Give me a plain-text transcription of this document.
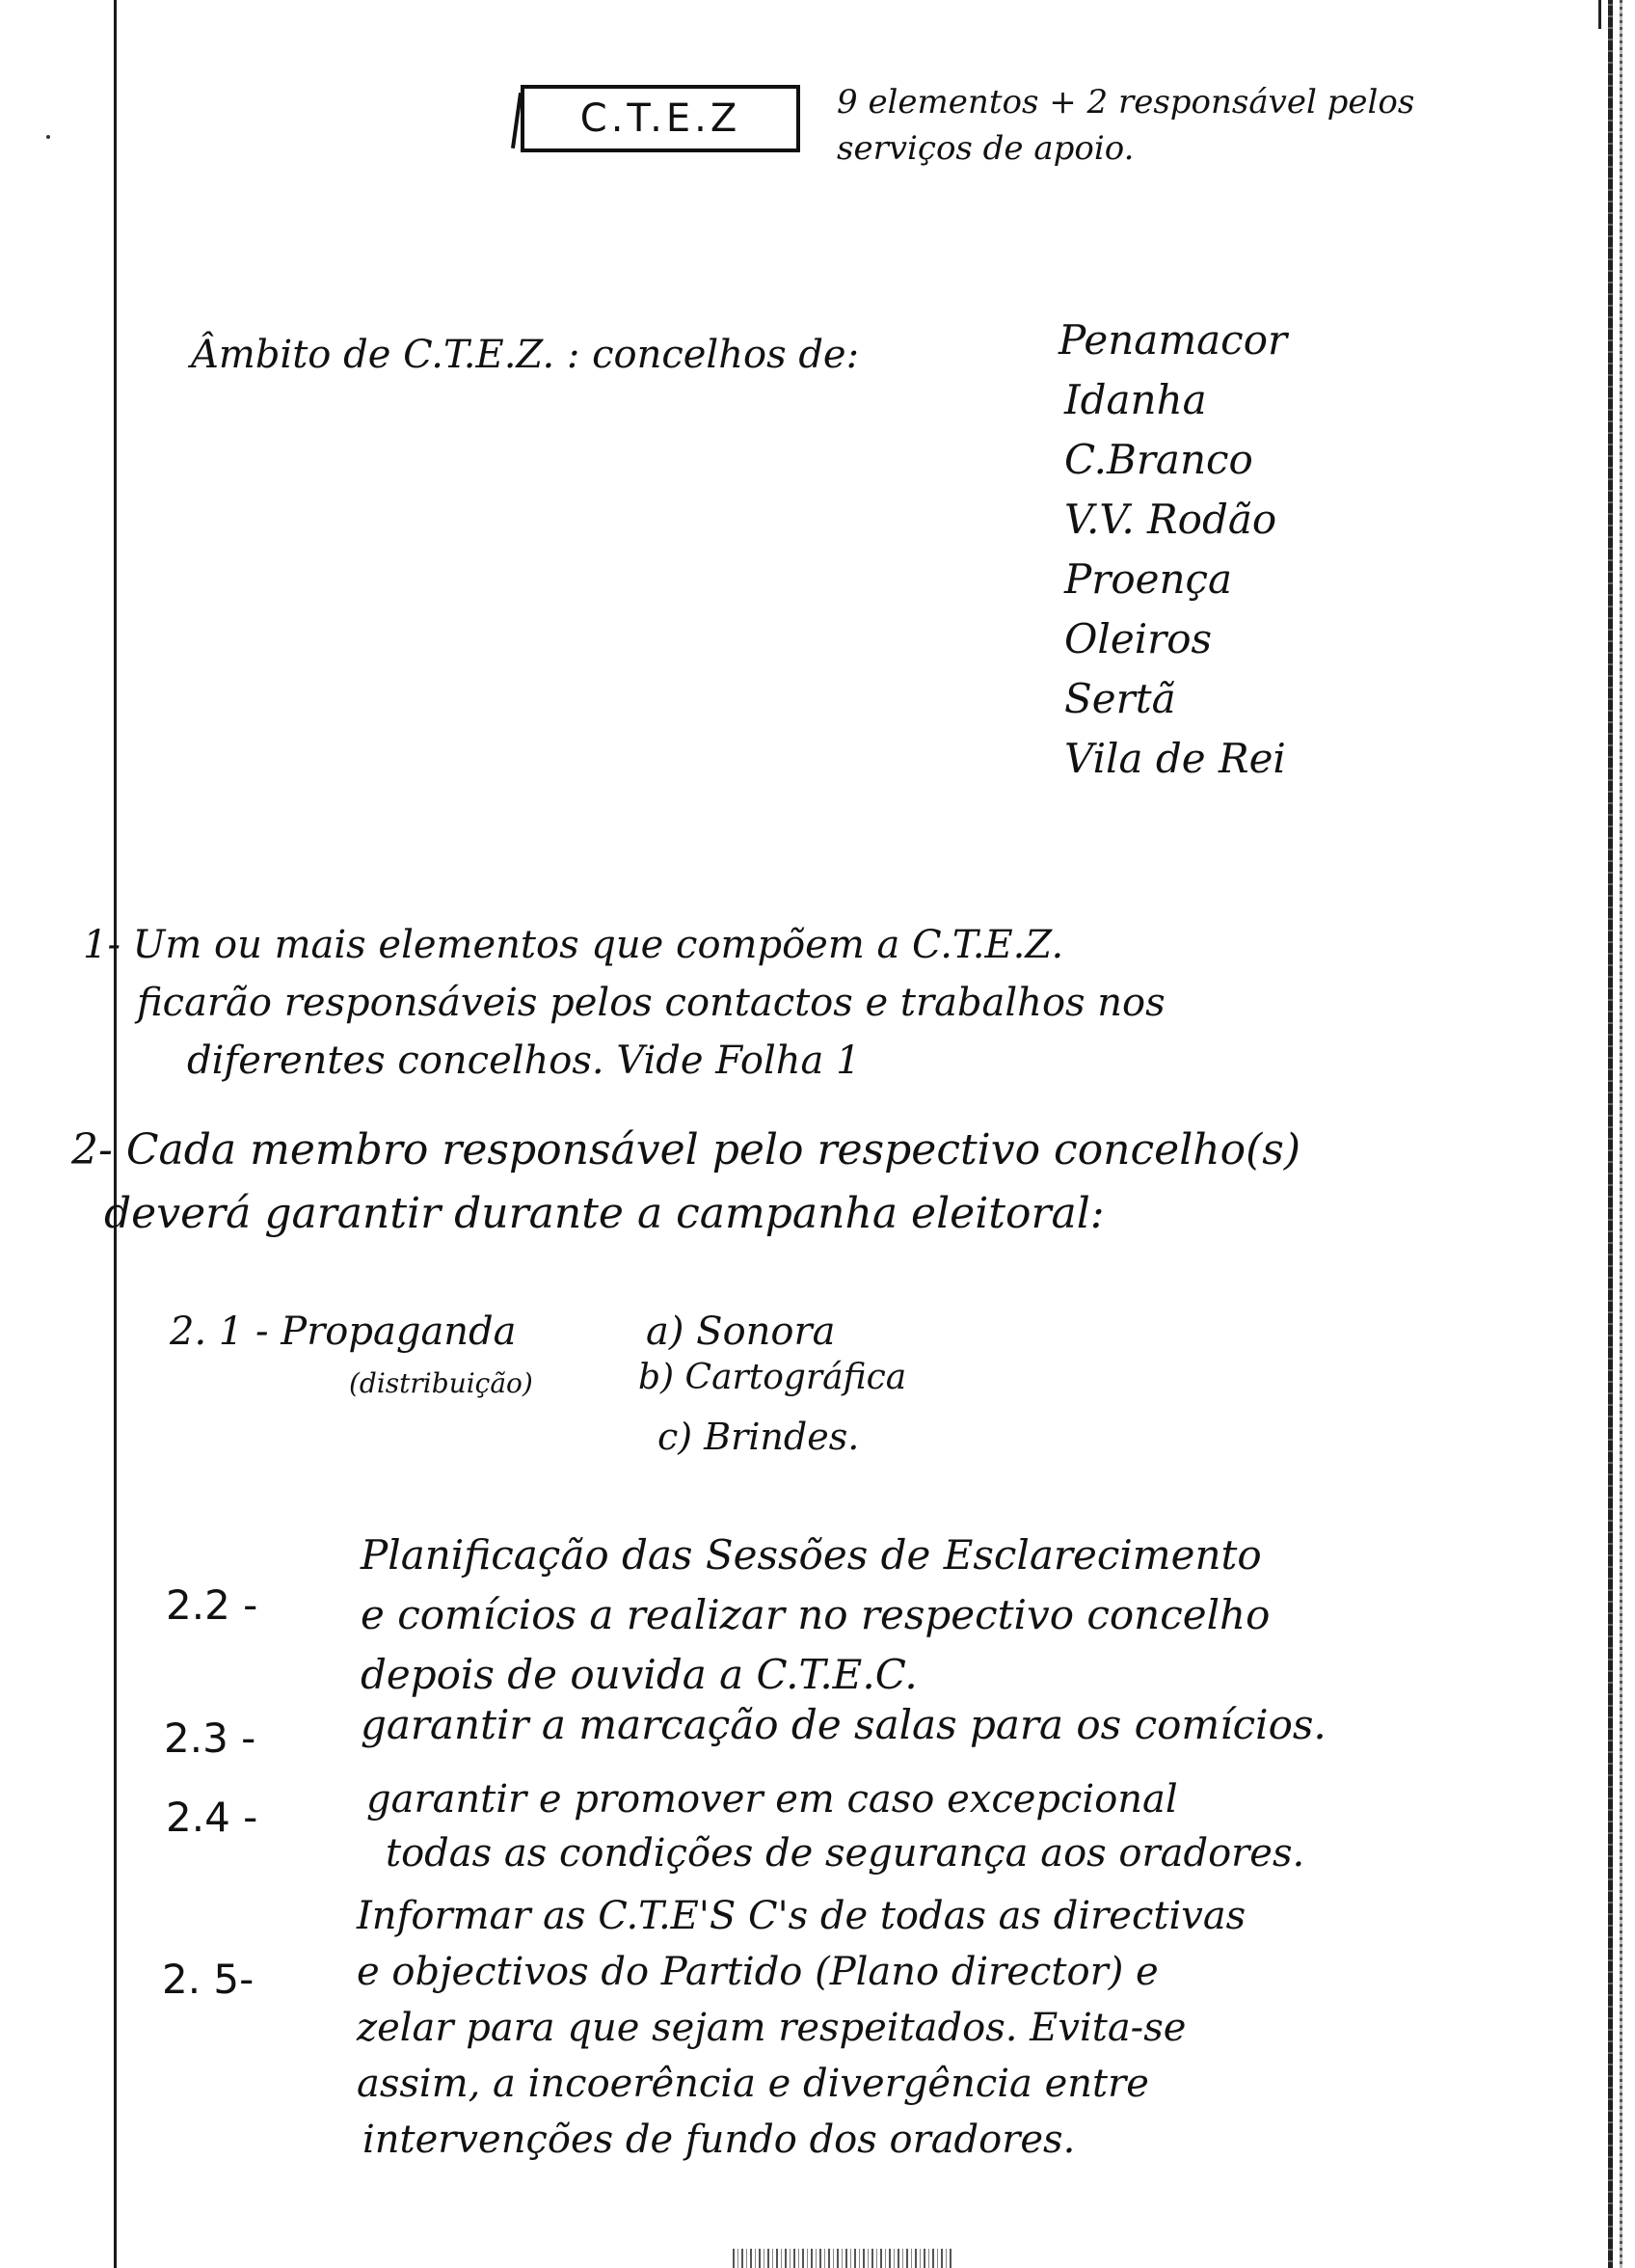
C.T.E.Z	9 elementos + 2 responsável pelos
serviços de apoio.
Âmbito de C.T.E.Z. : concelhos de:	Penamacor
Idanha
C.Branco
V.V. Rodão
Proença
Oleiros
Sertã
Vila de Rei
1- Um ou mais elementos que compõem a C.T.E.Z.
ficarão responsáveis pelos contactos e trabalhos nos
diferentes concelhos. Vide Folha 1
2- Cada membro responsável pelo respectivo concelho(s)
deverá garantir durante a campanha eleitoral:
2. 1 - Propaganda
(distribuição)
a) Sonora
b) Cartográfica
c) Brindes.
2.2 -
Planificação das Sessões de Esclarecimento
e comícios a realizar no respectivo concelho
depois de ouvida a C.T.E.C.
2.3 -	garantir a marcação de salas para os comícios.
2.4 -	garantir e promover em caso excepcional
todas as condições de segurança aos oradores.
2. 5-
Informar as C.T.E'S C's de todas as directivas
e objectivos do Partido (Plano director) e
zelar para que sejam respeitados. Evita-se
assim, a incoerência e divergência entre
intervenções de fundo dos oradores.
